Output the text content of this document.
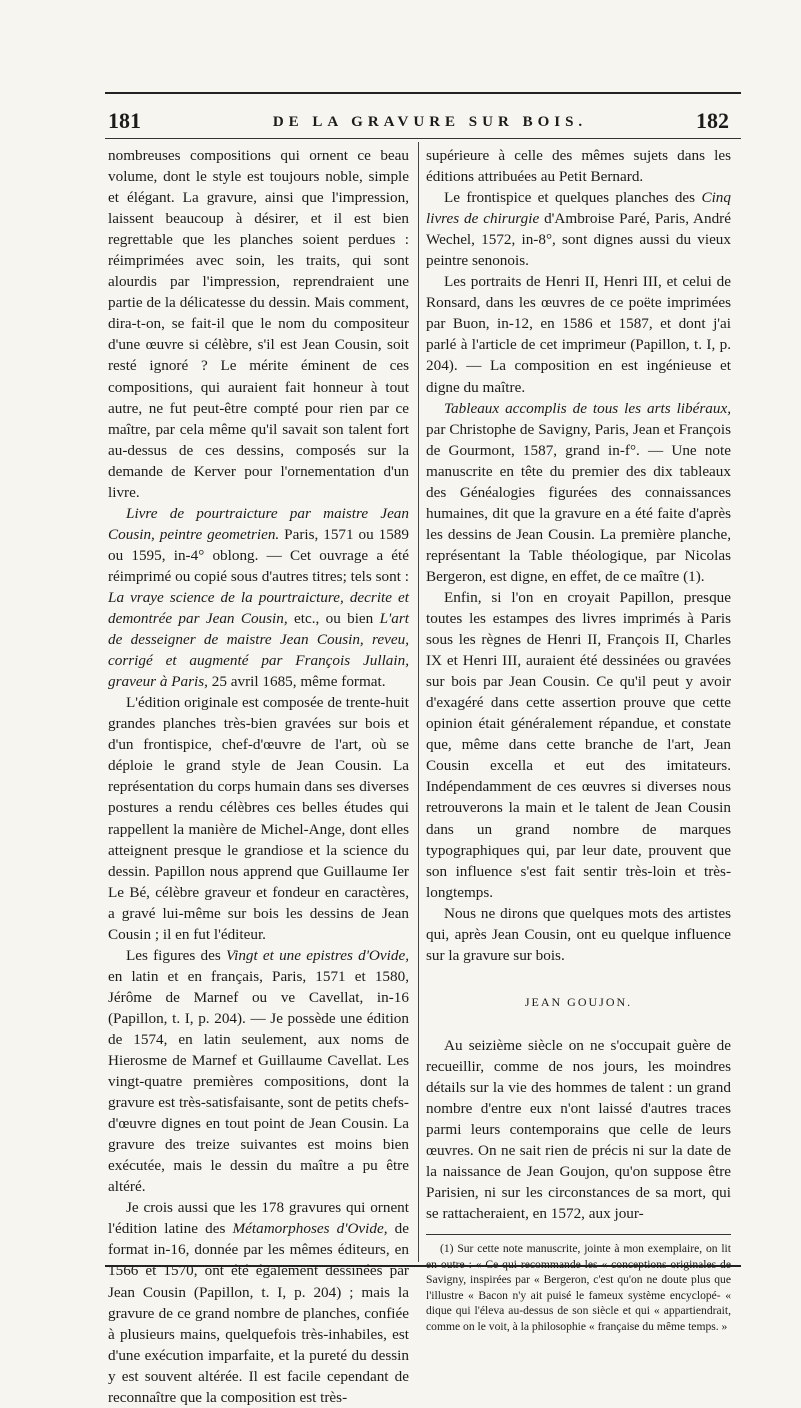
181	DE LA GRAVURE SUR BOIS.	182

nombreuses compositions qui ornent ce beau volume, dont le style est toujours noble, simple et élégant. La gravure, ainsi que l'impression, laissent beaucoup à désirer, et il est bien regrettable que les planches soient perdues : réimprimées avec soin, les traits, qui sont alourdis par l'impression, reprendraient une partie de la délicatesse du dessin. Mais comment, dira-t-on, se fait-il que le nom du compositeur d'une œuvre si célèbre, s'il est Jean Cousin, soit resté ignoré ? Le mérite éminent de ces compositions, qui auraient fait honneur à tout autre, ne fut peut-être compté pour rien par ce maître, par cela même qu'il savait son talent fort au-dessus de ces dessins, composés sur la demande de Kerver pour l'ornementation d'un livre.

Livre de pourtraicture par maistre Jean Cousin, peintre geometrien. Paris, 1571 ou 1589 ou 1595, in-4° oblong. — Cet ouvrage a été réimprimé ou copié sous d'autres titres; tels sont : La vraye science de la pourtraicture, decrite et demontrée par Jean Cousin, etc., ou bien L'art de desseigner de maistre Jean Cousin, reveu, corrigé et augmenté par François Jullain, graveur à Paris, 25 avril 1685, même format.

L'édition originale est composée de trente-huit grandes planches très-bien gravées sur bois et d'un frontispice, chef-d'œuvre de l'art, où se déploie le grand style de Jean Cousin. La représentation du corps humain dans ses diverses postures a rendu célèbres ces belles études qui rappellent la manière de Michel-Ange, dont elles atteignent presque le grandiose et la science du dessin. Papillon nous apprend que Guillaume Ier Le Bé, célèbre graveur et fondeur en caractères, a gravé lui-même sur bois les dessins de Jean Cousin ; il en fut l'éditeur.

Les figures des Vingt et une epistres d'Ovide, en latin et en français, Paris, 1571 et 1580, Jérôme de Marnef ou ve Cavellat, in-16 (Papillon, t. I, p. 204). — Je possède une édition de 1574, en latin seulement, aux noms de Hierosme de Marnef et Guillaume Cavellat. Les vingt-quatre premières compositions, dont la gravure est très-satisfaisante, sont de petits chefs-d'œuvre dignes en tout point de Jean Cousin. La gravure des treize suivantes est moins bien exécutée, mais le dessin du maître a pu être altéré.

Je crois aussi que les 178 gravures qui ornent l'édition latine des Métamorphoses d'Ovide, de format in-16, donnée par les mêmes éditeurs, en 1566 et 1570, ont été également dessinées par Jean Cousin (Papillon, t. I, p. 204) ; mais la gravure de ce grand nombre de planches, confiée à plusieurs mains, quelquefois très-inhabiles, est d'une exécution imparfaite, et la pureté du dessin y est souvent altérée. Il est facile cependant de reconnaître que la composition est très-

supérieure à celle des mêmes sujets dans les éditions attribuées au Petit Bernard.

Le frontispice et quelques planches des Cinq livres de chirurgie d'Ambroise Paré, Paris, André Wechel, 1572, in-8°, sont dignes aussi du vieux peintre senonois.

Les portraits de Henri II, Henri III, et celui de Ronsard, dans les œuvres de ce poëte imprimées par Buon, in-12, en 1586 et 1587, et dont j'ai parlé à l'article de cet imprimeur (Papillon, t. I, p. 204). — La composition en est ingénieuse et digne du maître.

Tableaux accomplis de tous les arts libéraux, par Christophe de Savigny, Paris, Jean et François de Gourmont, 1587, grand in-f°. — Une note manuscrite en tête du premier des dix tableaux des Généalogies figurées des connaissances humaines, dit que la gravure en a été faite d'après les dessins de Jean Cousin. La première planche, représentant la Table théologique, par Nicolas Bergeron, est digne, en effet, de ce maître (1).

Enfin, si l'on en croyait Papillon, presque toutes les estampes des livres imprimés à Paris sous les règnes de Henri II, François II, Charles IX et Henri III, auraient été dessinées ou gravées sur bois par Jean Cousin. Ce qu'il peut y avoir d'exagéré dans cette assertion prouve que cette opinion était généralement répandue, et constate que, même dans cette branche de l'art, Jean Cousin excella et eut des imitateurs. Indépendamment de ces œuvres si diverses nous retrouverons la main et le talent de Jean Cousin dans un grand nombre de marques typographiques qui, par leur date, prouvent que son influence s'est fait sentir très-loin et très-longtemps.

Nous ne dirons que quelques mots des artistes qui, après Jean Cousin, ont eu quelque influence sur la gravure sur bois.

JEAN GOUJON.

Au seizième siècle on ne s'occupait guère de recueillir, comme de nos jours, les moindres détails sur la vie des hommes de talent : un grand nombre d'entre eux n'ont laissé d'autres traces parmi leurs contemporains que celle de leurs œuvres. On ne sait rien de précis ni sur la date de la naissance de Jean Goujon, qu'on suppose être Parisien, ni sur les circonstances de sa mort, qui se rattacheraient, en 1572, aux jour-

(1) Sur cette note manuscrite, jointe à mon exemplaire, on lit en outre : « Ce qui recommande les « conceptions originales de Savigny, inspirées par « Bergeron, c'est qu'on ne doute plus que l'illustre « Bacon n'y ait puisé le fameux système encyclopé- « dique qui l'éleva au-dessus de son siècle et qui « appartiendrait, comme on le voit, à la philosophie « française du même temps. »
